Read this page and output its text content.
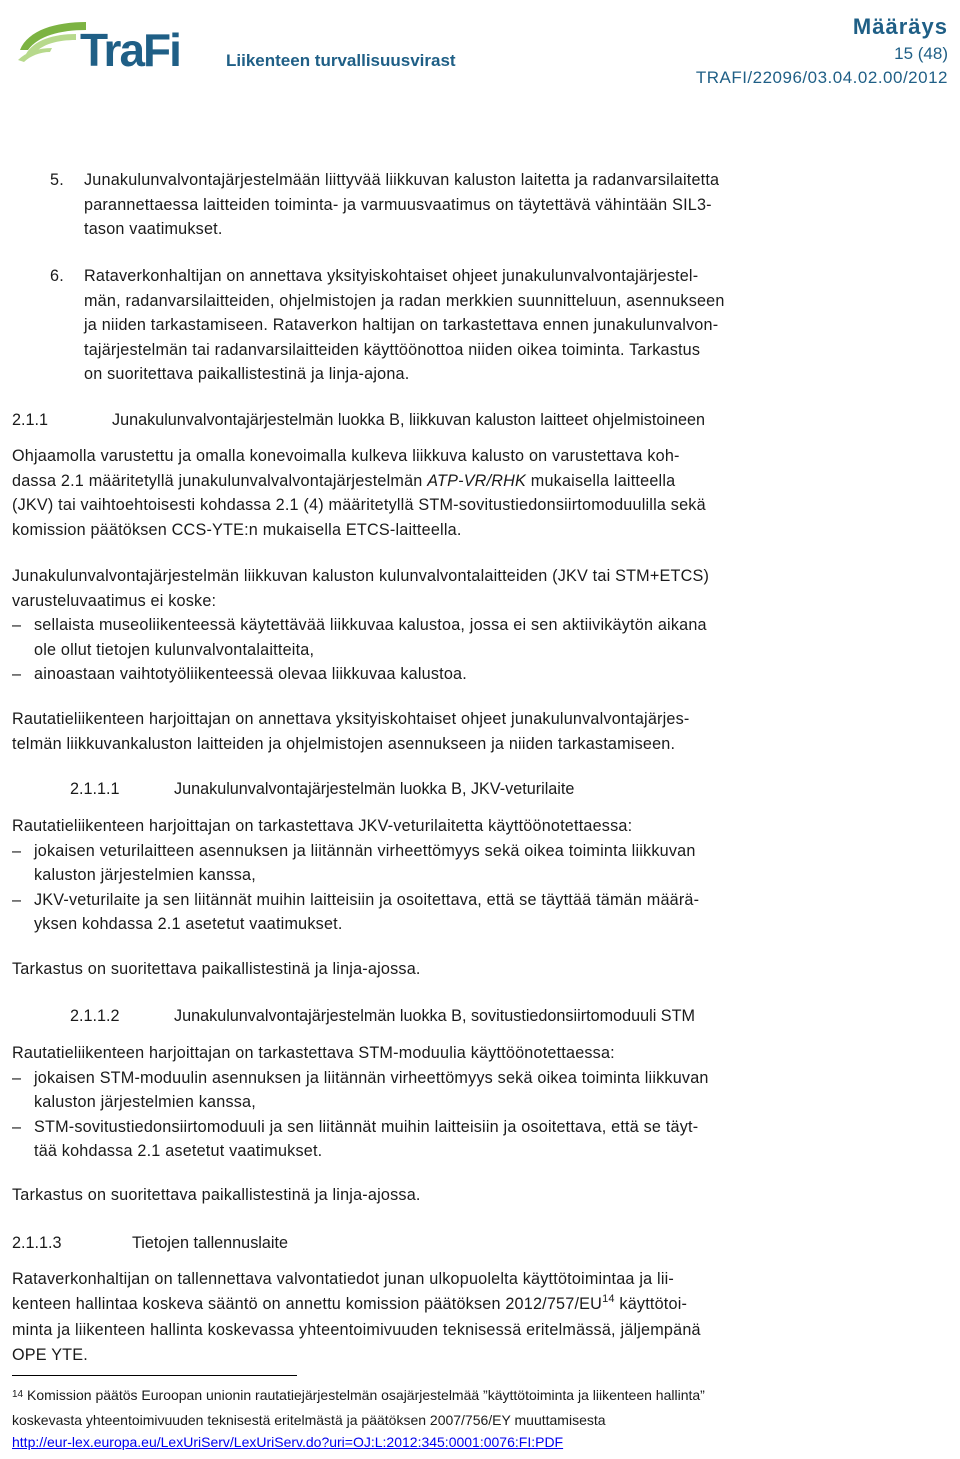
TraFi	Liikenteen turvallisuusvirasto
Määräys
15 (48)
TRAFI/22096/03.04.02.00/2012
5. Junakulunvalvontajärjestelmään liittyvää liikkuvan kaluston laitetta ja radanvarsilaitetta
parannettaessa laitteiden toiminta- ja varmuusvaatimus on täytettävä vähintään SIL3-
tason vaatimukset.
6. Rataverkonhaltijan on annettava yksityiskohtaiset ohjeet junakulunvalvontajärjestel-
män, radanvarsilaitteiden, ohjelmistojen ja radan merkkien suunnitteluun, asennukseen
ja niiden tarkastamiseen. Rataverkon haltijan on tarkastettava ennen junakulunvalvon-
tajärjestelmän tai radanvarsilaitteiden käyttöönottoa niiden oikea toiminta. Tarkastus
on suoritettava paikallistestinä ja linja-ajona.
2.1.1	Junakulunvalvontajärjestelmän luokka B, liikkuvan kaluston laitteet ohjelmistoineen
Ohjaamolla varustettu ja omalla konevoimalla kulkeva liikkuva kalusto on varustettava koh-
dassa 2.1 määritetyllä junakulunvalvalvontajärjestelmän ATP-VR/RHK mukaisella laitteella
(JKV) tai vaihtoehtoisesti kohdassa 2.1 (4) määritetyllä STM-sovitustiedonsiirtomoduulilla sekä
komission päätöksen CCS-YTE:n mukaisella ETCS-laitteella.
Junakulunvalvontajärjestelmän liikkuvan kaluston kulunvalvontalaitteiden (JKV tai STM+ETCS)
varusteluvaatimus ei koske:
– sellaista museoliikenteessä käytettävää liikkuvaa kalustoa, jossa ei sen aktiivikäytön aikana
ole ollut tietojen kulunvalvontalaitteita,
– ainoastaan vaihtotyöliikenteessä olevaa liikkuvaa kalustoa.
Rautatieliikenteen harjoittajan on annettava yksityiskohtaiset ohjeet junakulunvalvontajärjes-
telmän liikkuvankaluston laitteiden ja ohjelmistojen asennukseen ja niiden tarkastamiseen.
2.1.1.1	Junakulunvalvontajärjestelmän luokka B, JKV-veturilaite
Rautatieliikenteen harjoittajan on tarkastettava JKV-veturilaitetta käyttöönotettaessa:
– jokaisen veturilaitteen asennuksen ja liitännän virheettömyys sekä oikea toiminta liikkuvan
kaluston järjestelmien kanssa,
– JKV-veturilaite ja sen liitännät muihin laitteisiin ja osoitettava, että se täyttää tämän määrä-
yksen kohdassa 2.1 asetetut vaatimukset.
Tarkastus on suoritettava paikallistestinä ja linja-ajossa.
2.1.1.2	Junakulunvalvontajärjestelmän luokka B, sovitustiedonsiirtomoduuli STM
Rautatieliikenteen harjoittajan on tarkastettava STM-moduulia käyttöönotettaessa:
– jokaisen STM-moduulin asennuksen ja liitännän virheettömyys sekä oikea toiminta liikkuvan
kaluston järjestelmien kanssa,
– STM-sovitustiedonsiirtomoduuli ja sen liitännät muihin laitteisiin ja osoitettava, että se täyt-
tää kohdassa 2.1 asetetut vaatimukset.
Tarkastus on suoritettava paikallistestinä ja linja-ajossa.
2.1.1.3	Tietojen tallennuslaite
Rataverkonhaltijan on tallennettava valvontatiedot junan ulkopuolelta käyttötoimintaa ja lii-
kenteen hallintaa koskeva sääntö on annettu komission päätöksen 2012/757/EU$^{14}$ käyttötoi-
minta ja liikenteen hallinta koskevassa yhteentoimivuuden teknisessä eritelmässä, jäljempänä
OPE YTE.
$^{14}$ Komission päätös Euroopan unionin rautatiejärjestelmän osajärjestelmää ”käyttötoiminta ja liikenteen hallinta”
koskevasta yhteentoimivuuden teknisestä eritelmästä ja päätöksen 2007/756/EY muuttamisesta
http://eur-lex.europa.eu/LexUriServ/LexUriServ.do?uri=OJ:L:2012:345:0001:0076:FI:PDF
